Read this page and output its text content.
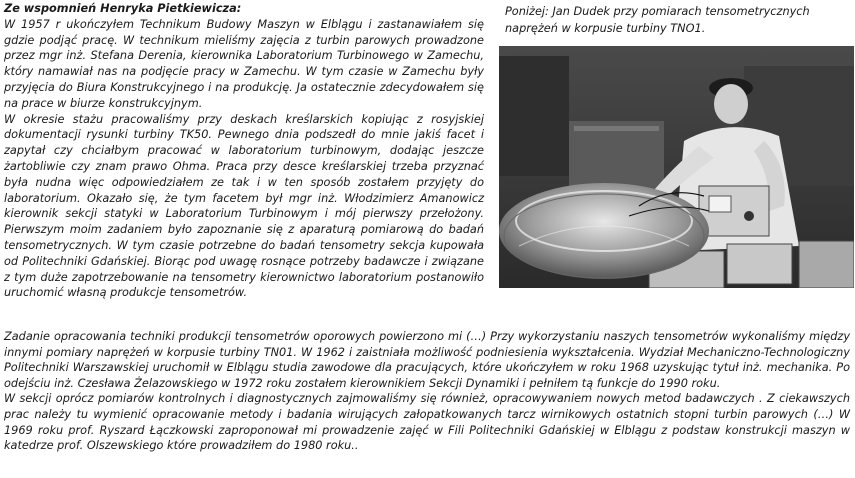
Ze wspomnień Henryka Pietkiewicza:

W 1957 r ukończyłem Technikum Budowy Maszyn w Elblągu i zastanawiałem się gdzie podjąć pracę. W technikum mieliśmy zajęcia z turbin parowych prowadzone przez mgr inż. Stefana Derenia, kierownika Laboratorium Turbinowego w Zamechu, który namawiał nas na podjęcie pracy w Zamechu. W tym czasie w Zamechu były przyjęcia do Biura Konstrukcyjnego i na produkcję. Ja ostatecznie zdecydowałem się na prace w biurze konstrukcyjnym.

W okresie stażu pracowaliśmy przy deskach kreślarskich kopiując z rosyjskiej dokumentacji rysunki turbiny TK50. Pewnego dnia podszedł do mnie jakiś facet i zapytał czy chciałbym pracować w laboratorium turbinowym, dodając jeszcze żartobliwie czy znam prawo Ohma. Praca przy desce kreślarskiej trzeba przyznać była nudna więc odpowiedziałem ze tak i w ten sposób zostałem przyjęty do laboratorium. Okazało się, że tym facetem był mgr inż. Włodzimierz Amanowicz kierownik sekcji statyki w Laboratorium Turbinowym i mój pierwszy przełożony. Pierwszym moim zadaniem było zapoznanie się z aparaturą pomiarową do badań tensometrycznych. W tym czasie potrzebne do badań tensometry sekcja kupowała od Politechniki Gdańskiej. Biorąc pod uwagę rosnące potrzeby badawcze i związane z tym duże zapotrzebowanie na tensometry kierownictwo laboratorium postanowiło uruchomić własną produkcje tensometrów.

Poniżej: Jan Dudek przy pomiarach tensometrycznych naprężeń w korpusie turbiny TNO1.

Zadanie opracowania techniki produkcji tensometrów oporowych powierzono mi (…) Przy wykorzystaniu naszych tensometrów wykonaliśmy między innymi pomiary naprężeń w korpusie turbiny TN01. W 1962 i zaistniała możliwość podniesienia wykształcenia. Wydział Mechaniczno-Technologiczny Politechniki Warszawskiej uruchomił w Elblągu studia zawodowe dla pracujących, które ukończyłem w roku 1968 uzyskując tytuł inż. mechanika. Po odejściu inż. Czesława Żelazowskiego w 1972 roku zostałem kierownikiem Sekcji Dynamiki i pełniłem tą funkcje do 1990 roku.

W sekcji oprócz pomiarów kontrolnych i diagnostycznych zajmowaliśmy się również, opracowywaniem nowych metod badawczych . Z ciekawszych prac należy tu wymienić opracowanie metody i badania wirujących załopatkowanych tarcz wirnikowych ostatnich stopni turbin parowych (…) W 1969 roku prof. Ryszard Łączkowski zaproponował mi prowadzenie zajęć w Fili Politechniki Gdańskiej w Elblągu z podstaw konstrukcji maszyn w katedrze prof. Olszewskiego które prowadziłem do 1980 roku..
